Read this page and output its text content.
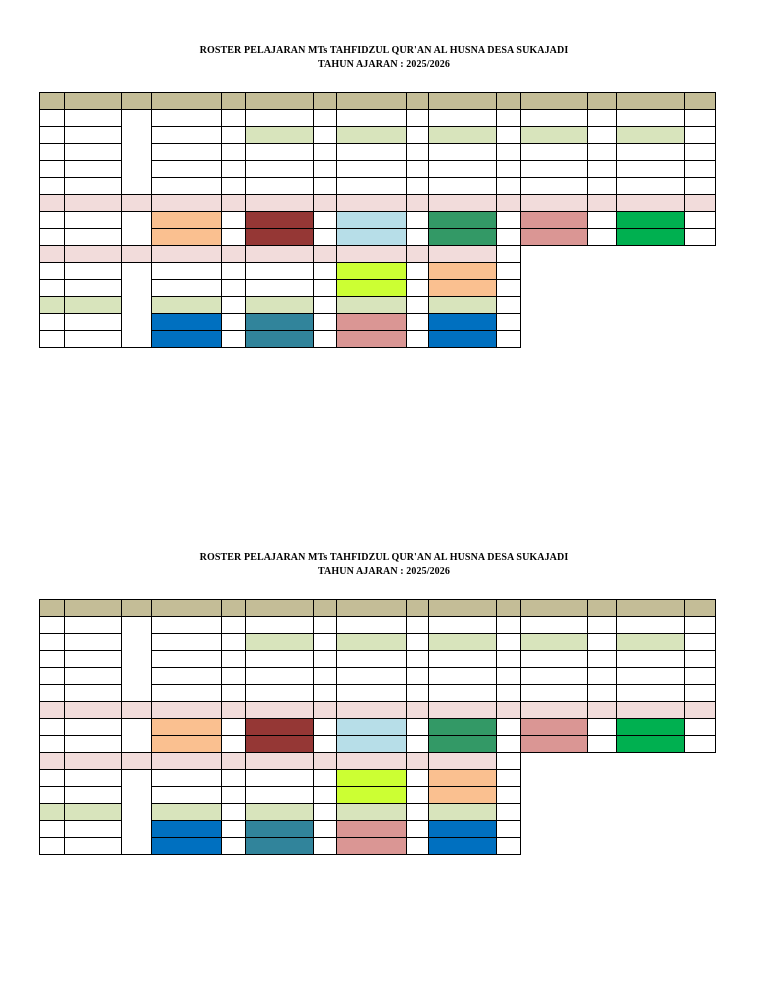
ROSTER PELAJARAN MTs TAHFIDZUL QUR'AN AL HUSNA DESA SUKAJADI
TAHUN AJARAN : 2025/2026
ROSTER PELAJARAN MTs TAHFIDZUL QUR'AN AL HUSNA DESA SUKAJADI
TAHUN AJARAN : 2025/2026
